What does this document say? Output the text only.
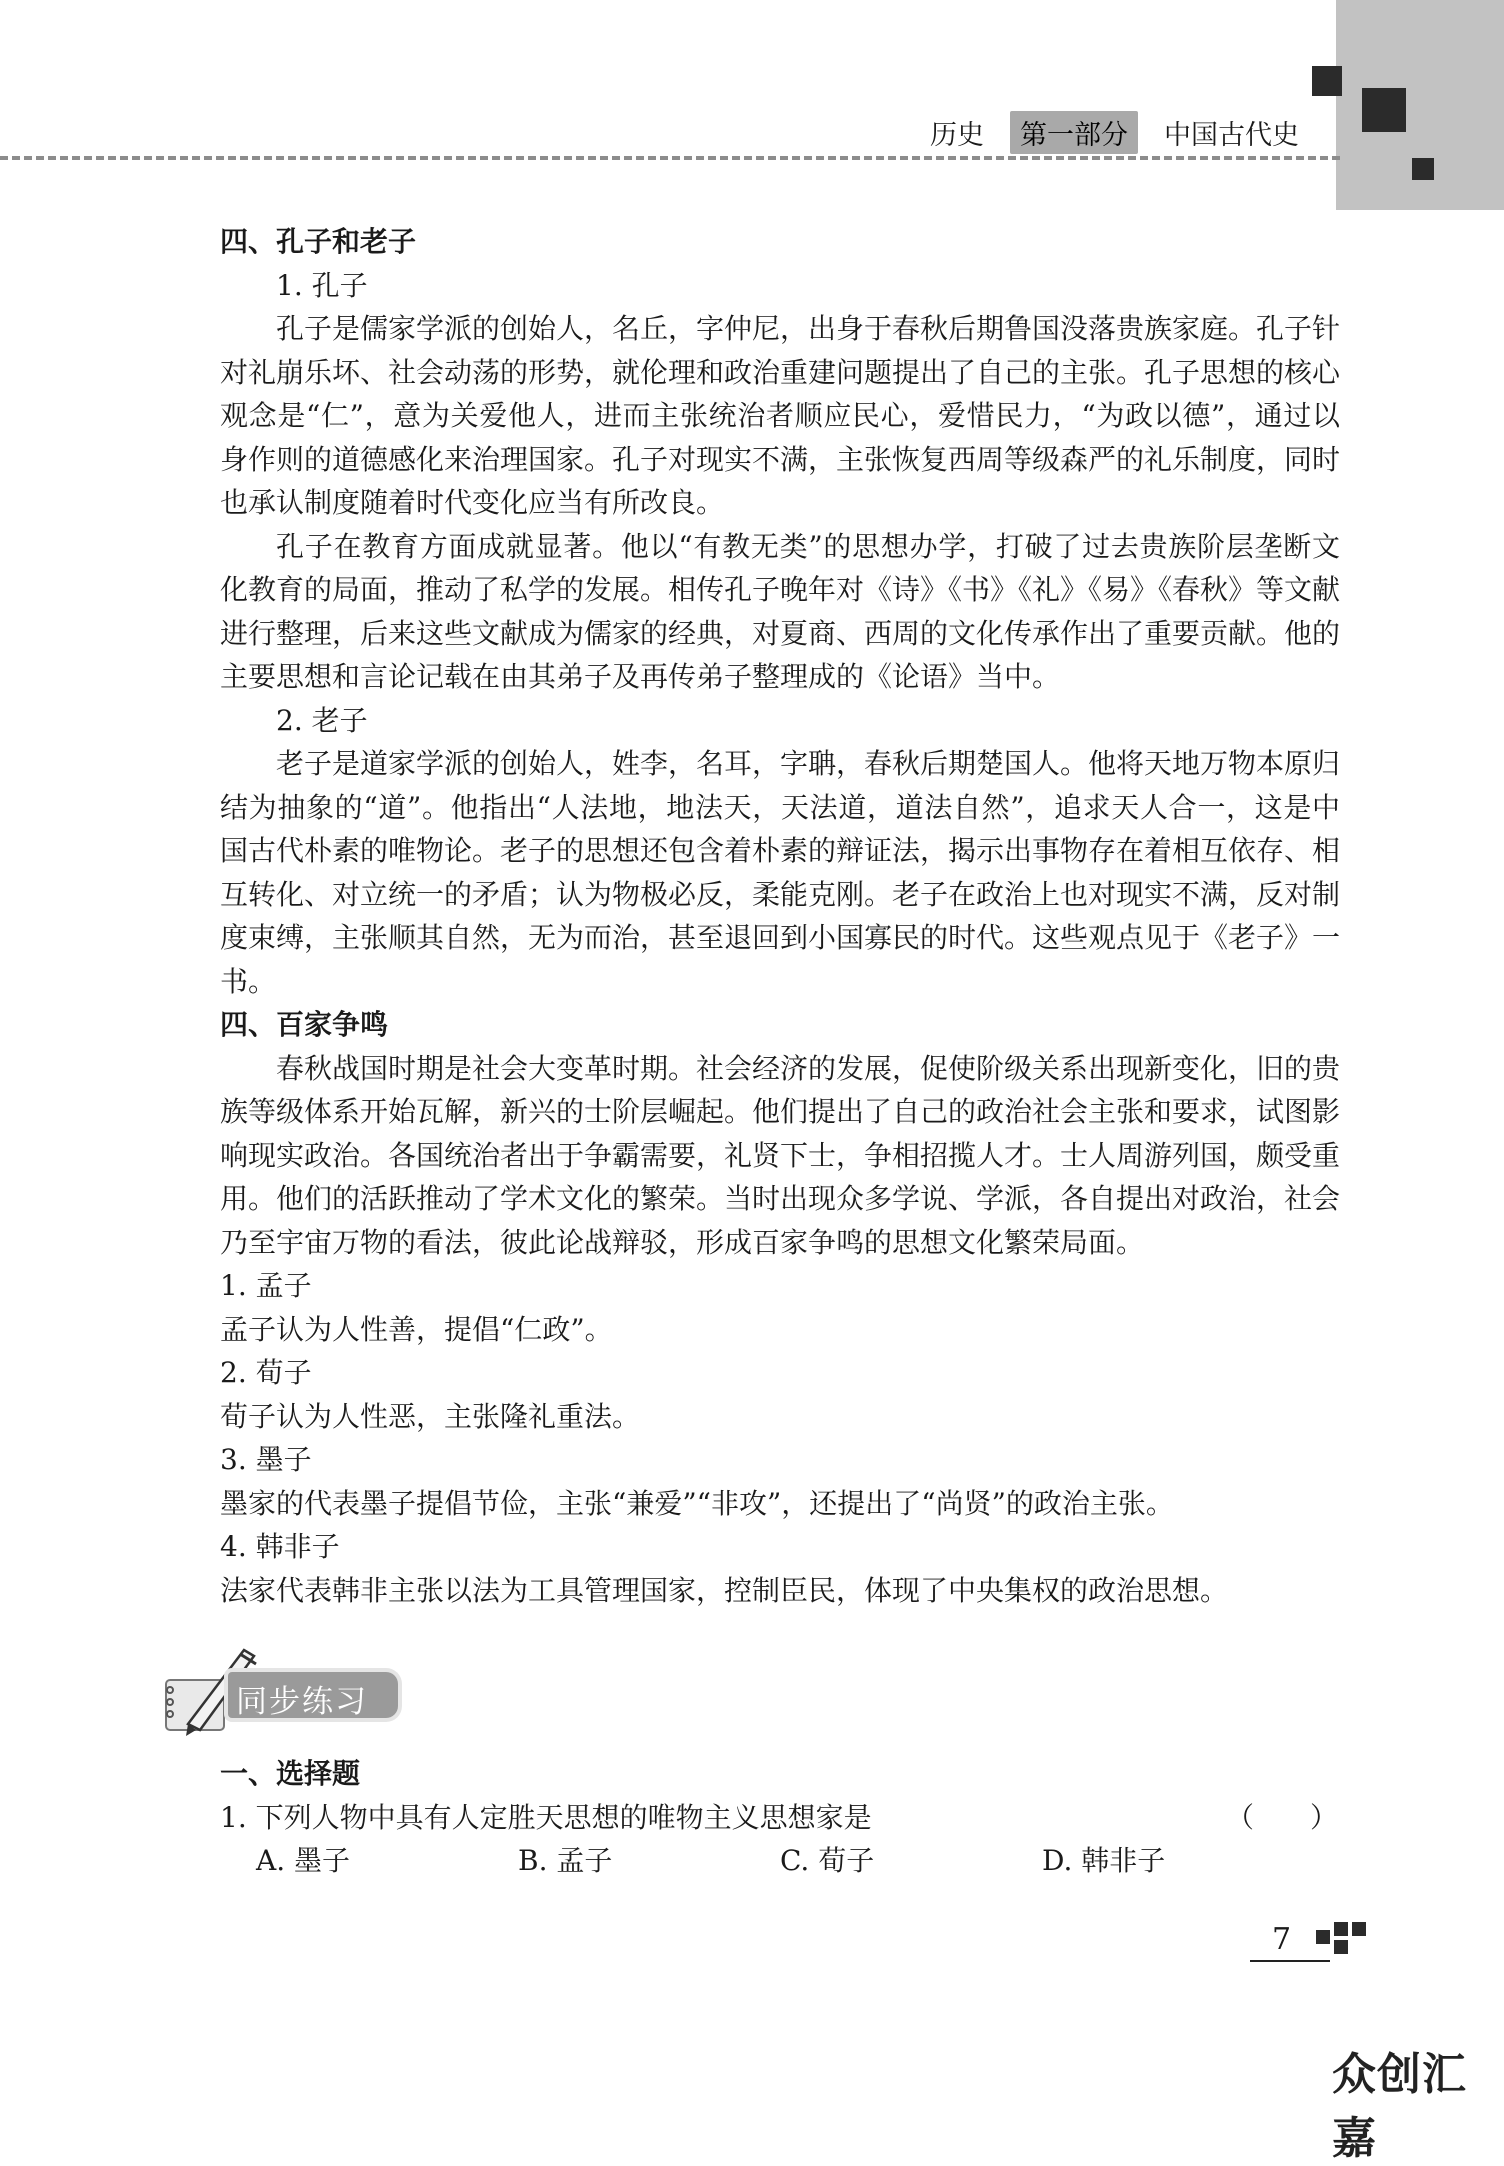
历史	第一部分	中国古代史
四、孔子和老子
1. 孔子

孔子是儒家学派的创始人，名丘，字仲尼，出身于春秋后期鲁国没落贵族家庭。孔子针对礼崩乐坏、社会动荡的形势，就伦理和政治重建问题提出了自己的主张。孔子思想的核心观念是“仁”，意为关爱他人，进而主张统治者顺应民心，爱惜民力，“为政以德”，通过以身作则的道德感化来治理国家。孔子对现实不满，主张恢复西周等级森严的礼乐制度，同时也承认制度随着时代变化应当有所改良。

孔子在教育方面成就显著。他以“有教无类”的思想办学，打破了过去贵族阶层垄断文化教育的局面，推动了私学的发展。相传孔子晚年对《诗》《书》《礼》《易》《春秋》等文献进行整理，后来这些文献成为儒家的经典，对夏商、西周的文化传承作出了重要贡献。他的主要思想和言论记载在由其弟子及再传弟子整理成的《论语》当中。

2. 老子

老子是道家学派的创始人，姓李，名耳，字聃，春秋后期楚国人。他将天地万物本原归结为抽象的“道”。他指出“人法地，地法天，天法道，道法自然”，追求天人合一，这是中国古代朴素的唯物论。老子的思想还包含着朴素的辩证法，揭示出事物存在着相互依存、相互转化、对立统一的矛盾；认为物极必反，柔能克刚。老子在政治上也对现实不满，反对制度束缚，主张顺其自然，无为而治，甚至退回到小国寡民的时代。这些观点见于《老子》一书。

四、百家争鸣

春秋战国时期是社会大变革时期。社会经济的发展，促使阶级关系出现新变化，旧的贵族等级体系开始瓦解，新兴的士阶层崛起。他们提出了自己的政治社会主张和要求，试图影响现实政治。各国统治者出于争霸需要，礼贤下士，争相招揽人才。士人周游列国，颇受重用。他们的活跃推动了学术文化的繁荣。当时出现众多学说、学派，各自提出对政治，社会乃至宇宙万物的看法，彼此论战辩驳，形成百家争鸣的思想文化繁荣局面。

1. 孟子
孟子认为人性善，提倡“仁政”。
2. 荀子
荀子认为人性恶，主张隆礼重法。
3. 墨子
墨家的代表墨子提倡节俭，主张“兼爱”“非攻”，还提出了“尚贤”的政治主张。
4. 韩非子
法家代表韩非主张以法为工具管理国家，控制臣民，体现了中央集权的政治思想。
同步练习
一、选择题
1. 下列人物中具有人定胜天思想的唯物主义思想家是	（　　）
A. 墨子	B. 孟子	C. 荀子	D. 韩非子
7
众创汇嘉
